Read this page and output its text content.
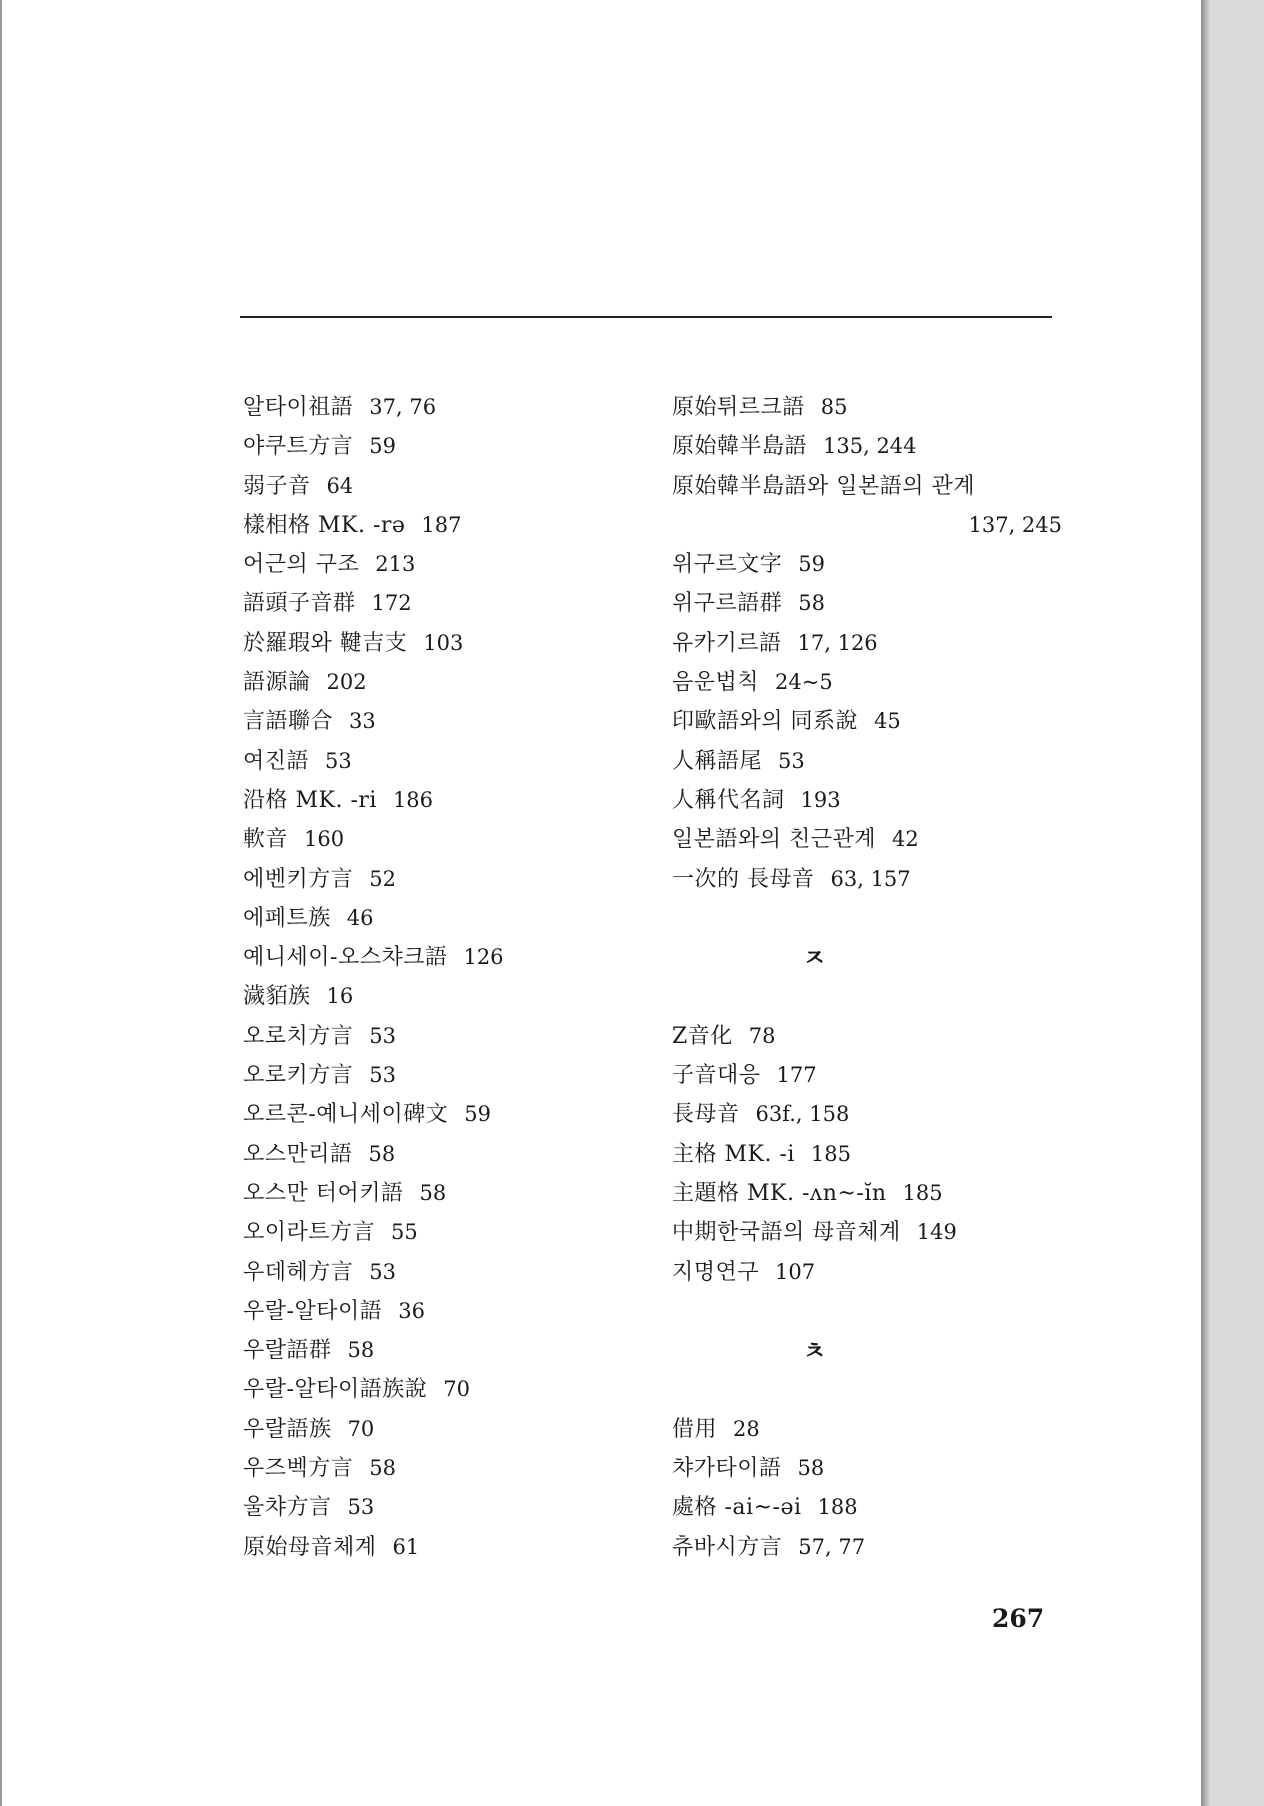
알타이祖語 37, 76
야쿠트方言 59
弱子音 64
樣相格 MK. -rə 187
어근의 구조 213
語頭子音群 172
於羅瑕와 鞬吉支 103
語源論 202
言語聯合 33
여진語 53
沿格 MK. -ri 186
軟音 160
에벤키方言 52
에페트族 46
예니세이-오스챠크語 126
濊貊族 16
오로치方言 53
오로키方言 53
오르콘-예니세이碑文 59
오스만리語 58
오스만 터어키語 58
오이라트方言 55
우데헤方言 53
우랄-알타이語 36
우랄語群 58
우랄-알타이語族說 70
우랄語族 70
우즈벡方言 58
울챠方言 53
原始母音체계 61
原始튀르크語 85
原始韓半島語 135, 244
原始韓半島語와 일본語의 관계
137, 245
위구르文字 59
위구르語群 58
유카기르語 17, 126
음운법칙 24~5
印歐語와의 同系說 45
人稱語尾 53
人稱代名詞 193
일본語와의 친근관계 42
一次的 長母音 63, 157
ㅈ
Z音化 78
子音대응 177
長母音 63f., 158
主格 MK. -i 185
主題格 MK. -ʌn~-ĭn 185
中期한국語의 母音체계 149
지명연구 107
ㅊ
借用 28
챠가타이語 58
處格 -ai~-əi 188
츄바시方言 57, 77
267
